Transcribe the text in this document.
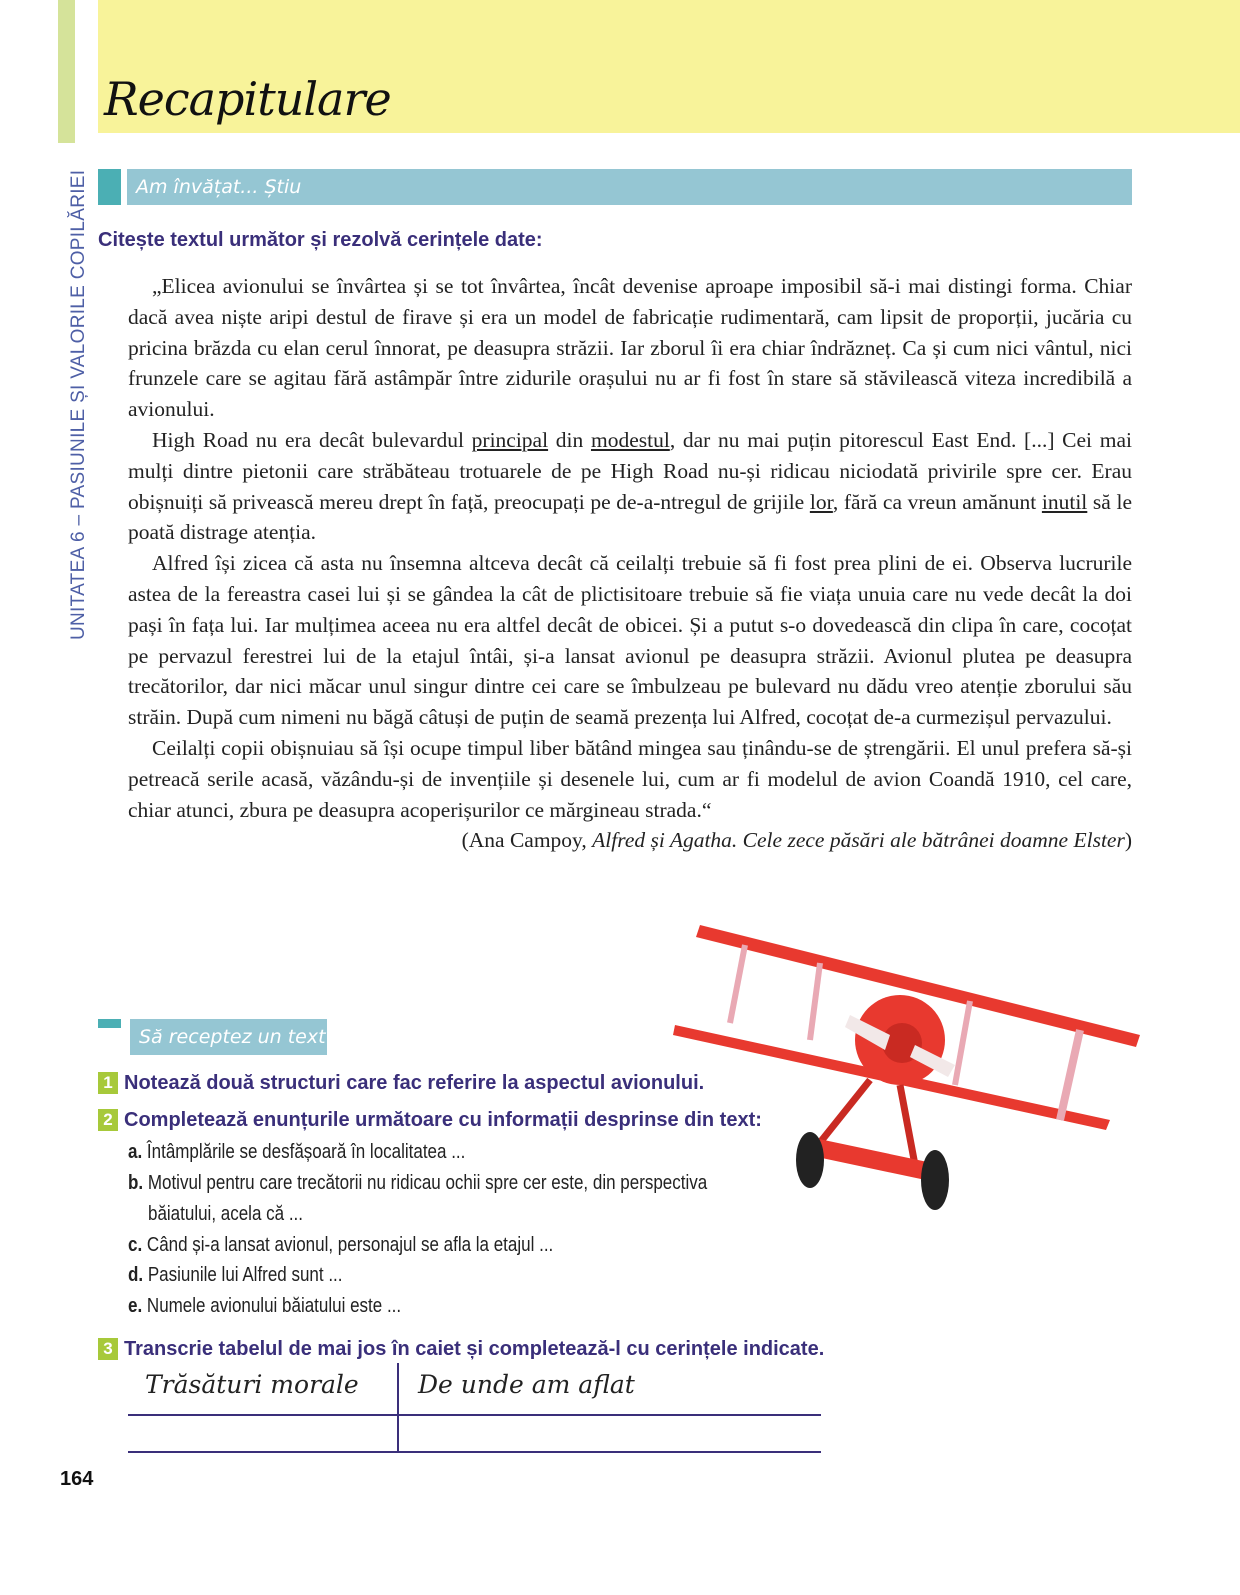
UNITATEA 6 – PASIUNILE ȘI VALORILE COPILĂRIEI
Recapitulare
Am învățat... Știu
Citește textul următor și rezolvă cerințele date:

„Elicea avionului se învârtea și se tot învârtea, încât devenise aproape imposibil să-i mai distingi forma. Chiar dacă avea niște aripi destul de firave și era un model de fabricație rudimentară, cam lipsit de proporții, jucăria cu pricina brăzda cu elan cerul înnorat, pe deasupra străzii. Iar zborul îi era chiar îndrăzneț. Ca și cum nici vântul, nici frunzele care se agitau fără astâmpăr între zidurile orașului nu ar fi fost în stare să stăvilească viteza incredibilă a avionului.

High Road nu era decât bulevardul principal din modestul, dar nu mai puțin pitorescul East End. [...] Cei mai mulți dintre pietonii care străbăteau trotuarele de pe High Road nu-și ridicau niciodată privirile spre cer. Erau obișnuiți să privească mereu drept în față, preocupați pe de-a-ntregul de grijile lor, fără ca vreun amănunt inutil să le poată distrage atenția.

Alfred își zicea că asta nu însemna altceva decât că ceilalți trebuie să fi fost prea plini de ei. Observa lucrurile astea de la fereastra casei lui și se gândea la cât de plictisitoare trebuie să fie viața unuia care nu vede decât la doi pași în fața lui. Iar mulțimea aceea nu era altfel decât de obicei. Și a putut s-o dovedească din clipa în care, cocoțat pe pervazul ferestrei lui de la etajul întâi, și-a lansat avionul pe deasupra străzii. Avionul plutea pe deasupra trecătorilor, dar nici măcar unul singur dintre cei care se îmbulzeau pe bulevard nu dădu vreo atenție zborului său străin. După cum nimeni nu băgă câtuși de puțin de seamă prezența lui Alfred, cocoțat de-a curmezișul pervazului.

Ceilalți copii obișnuiau să își ocupe timpul liber bătând mingea sau ținându-se de ștrengării. El unul prefera să-și petreacă serile acasă, văzându-și de invențiile și desenele lui, cum ar fi modelul de avion Coandă 1910, cel care, chiar atunci, zbura pe deasupra acoperișurilor ce mărgineau strada.“

(Ana Campoy, Alfred și Agatha. Cele zece păsări ale bătrânei doamne Elster)

Să receptez un text
1 Notează două structuri care fac referire la aspectul avionului.
2 Completează enunțurile următoare cu informații desprinse din text:
a. Întâmplările se desfășoară în localitatea ...
b. Motivul pentru care trecătorii nu ridicau ochii spre cer este, din perspectiva
băiatului, acela că ...
c. Când și-a lansat avionul, personajul se afla la etajul ...
d. Pasiunile lui Alfred sunt ...
e. Numele avionului băiatului este ...
3 Transcrie tabelul de mai jos în caiet și completează-l cu cerințele indicate.
Trăsături morale De unde am aflat
164
